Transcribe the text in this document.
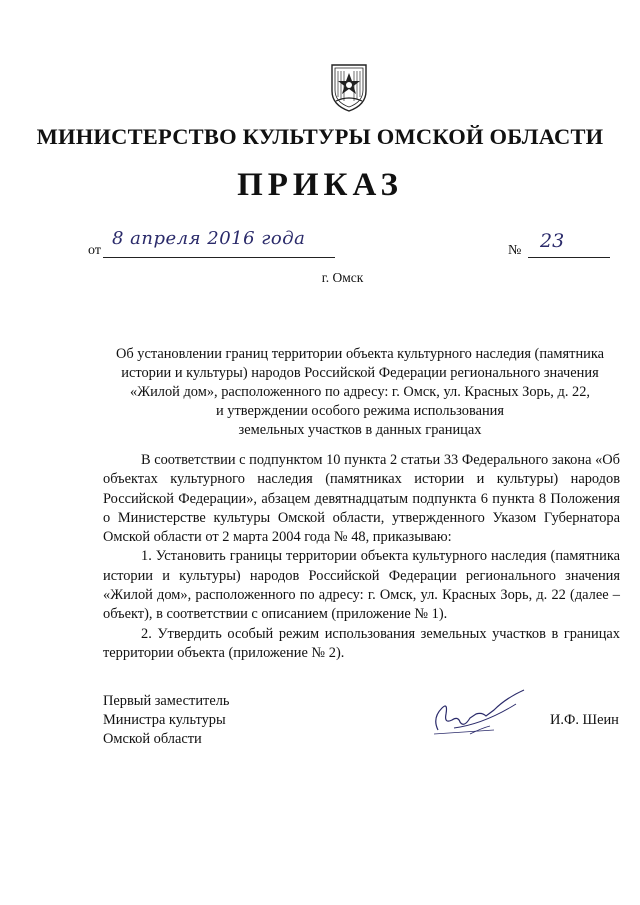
МИНИСТЕРСТВО КУЛЬТУРЫ ОМСКОЙ ОБЛАСТИ
ПРИКАЗ
от
8 апреля 2016 года
№ 23
г. Омск
Об установлении границ территории объекта культурного наследия (памятника
истории и культуры) народов Российской Федерации регионального значения
«Жилой дом», расположенного по адресу: г. Омск, ул. Красных Зорь, д. 22,
и утверждении особого режима использования
земельных участков в данных границах

В соответствии с подпунктом 10 пункта 2 статьи 33 Федерального закона «Об объектах культурного наследия (памятниках истории и культуры) народов Российской Федерации», абзацем девятнадцатым подпункта 6 пункта 8 Положения о Министерстве культуры Омской области, утвержденного Указом Губернатора Омской области от 2 марта 2004 года № 48, приказываю:

1. Установить границы территории объекта культурного наследия (памятника истории и культуры) народов Российской Федерации регионального значения «Жилой дом», расположенного по адресу: г. Омск, ул. Красных Зорь, д. 22 (далее – объект), в соответствии с описанием (приложение № 1).

2. Утвердить особый режим использования земельных участков в границах территории объекта (приложение № 2).

Первый заместитель
Министра культуры
Омской области
И.Ф. Шеин
